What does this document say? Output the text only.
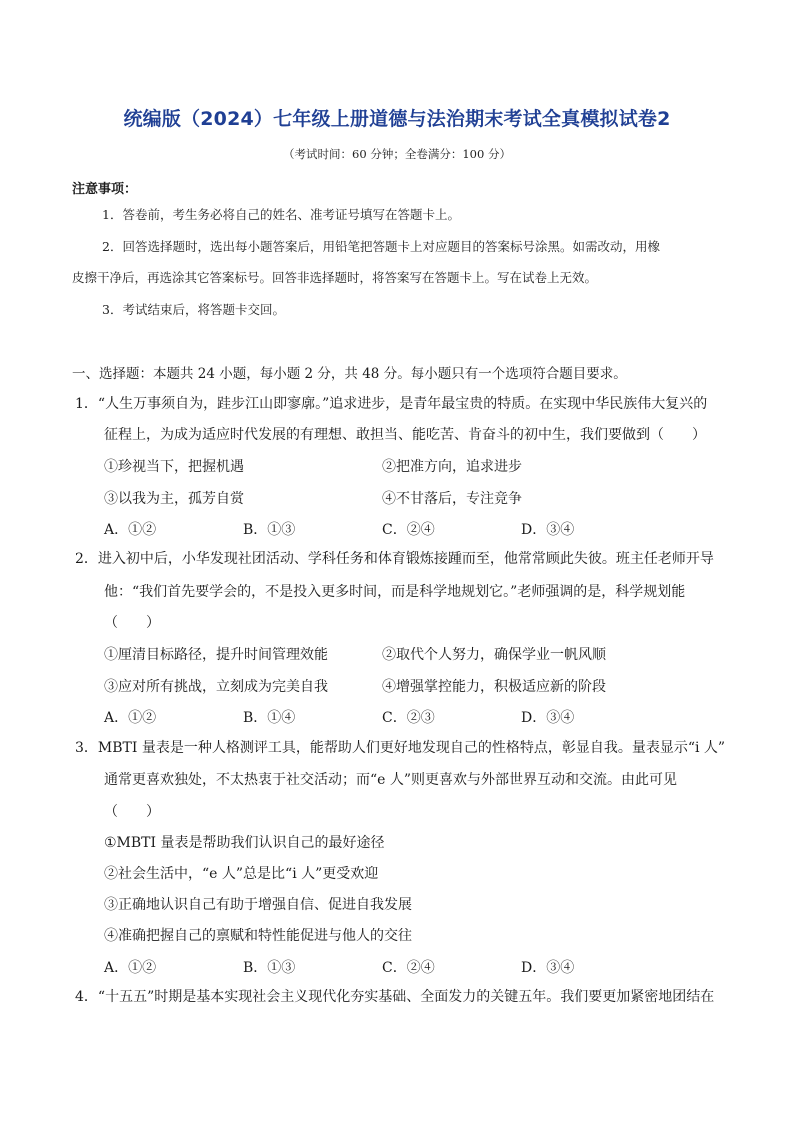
统编版（2024）七年级上册道德与法治期末考试全真模拟试卷2
（考试时间：60 分钟；全卷满分：100 分）
注意事项：
1．答卷前，考生务必将自己的姓名、准考证号填写在答题卡上。
2．回答选择题时，选出每小题答案后，用铅笔把答题卡上对应题目的答案标号涂黑。如需改动，用橡
皮擦干净后，再选涂其它答案标号。回答非选择题时，将答案写在答题卡上。写在试卷上无效。
3．考试结束后，将答题卡交回。
一、选择题：本题共 24 小题，每小题 2 分，共 48 分。每小题只有一个选项符合题目要求。
1．“人生万事须自为，跬步江山即寥廓。”追求进步，是青年最宝贵的特质。在实现中华民族伟大复兴的
征程上，为成为适应时代发展的有理想、敢担当、能吃苦、肯奋斗的初中生，我们要做到（　　）
①珍视当下，把握机遇	②把准方向，追求进步
③以我为主，孤芳自赏	④不甘落后，专注竞争
A．①②	B．①③	C．②④	D．③④
2．进入初中后，小华发现社团活动、学科任务和体育锻炼接踵而至，他常常顾此失彼。班主任老师开导
他：“我们首先要学会的，不是投入更多时间，而是科学地规划它。”老师强调的是，科学规划能
（　　）
①厘清目标路径，提升时间管理效能	②取代个人努力，确保学业一帆风顺
③应对所有挑战，立刻成为完美自我	④增强掌控能力，积极适应新的阶段
A．①②	B．①④	C．②③	D．③④
3．MBTI 量表是一种人格测评工具，能帮助人们更好地发现自己的性格特点，彰显自我。量表显示“i 人”
通常更喜欢独处，不太热衷于社交活动；而“e 人”则更喜欢与外部世界互动和交流。由此可见
（　　）
①MBTI 量表是帮助我们认识自己的最好途径
②社会生活中，“e 人”总是比“i 人”更受欢迎
③正确地认识自己有助于增强自信、促进自我发展
④准确把握自己的禀赋和特性能促进与他人的交往
A．①②	B．①③	C．②④	D．③④
4．“十五五”时期是基本实现社会主义现代化夯实基础、全面发力的关键五年。我们要更加紧密地团结在
